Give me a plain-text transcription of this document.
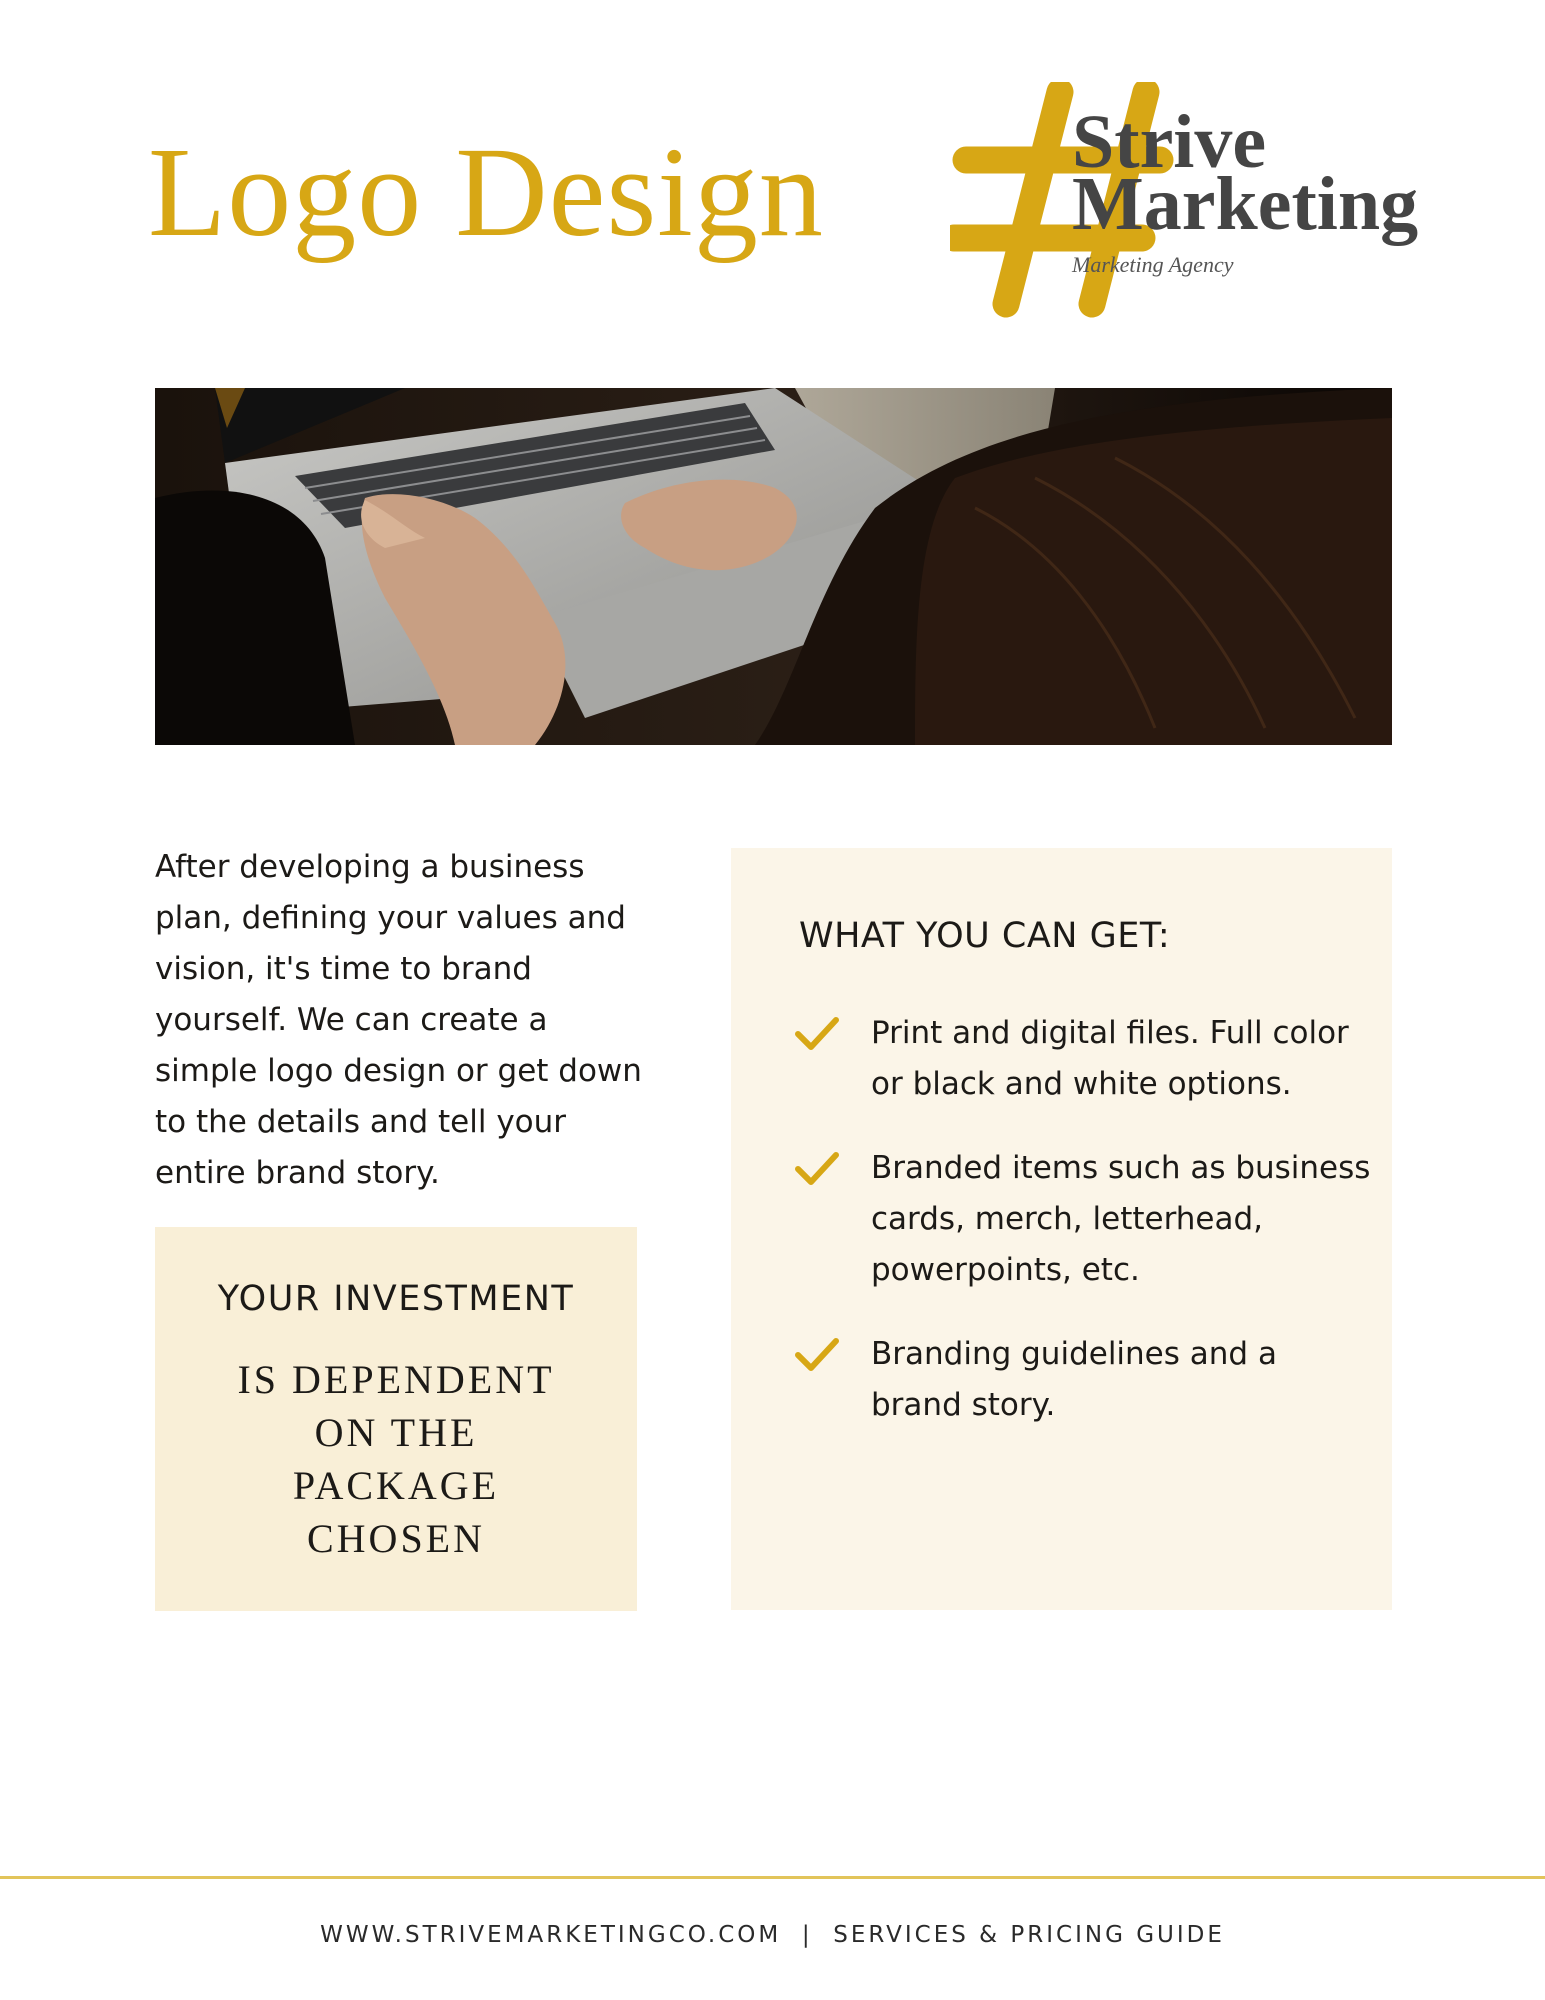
Logo Design	Strive
Marketing
Marketing Agency

After developing a business plan, defining your values and vision, it's time to brand yourself. We can create a simple logo design or get down to the details and tell your entire brand story.

YOUR INVESTMENT
IS DEPENDENT
ON THE
PACKAGE
CHOSEN
WHAT YOU CAN GET:
Print and digital files. Full color or black and white options.
Branded items such as business cards, merch, letterhead, powerpoints, etc.
Branding guidelines and a brand story.
WWW.STRIVEMARKETINGCO.COM | SERVICES & PRICING GUIDE
